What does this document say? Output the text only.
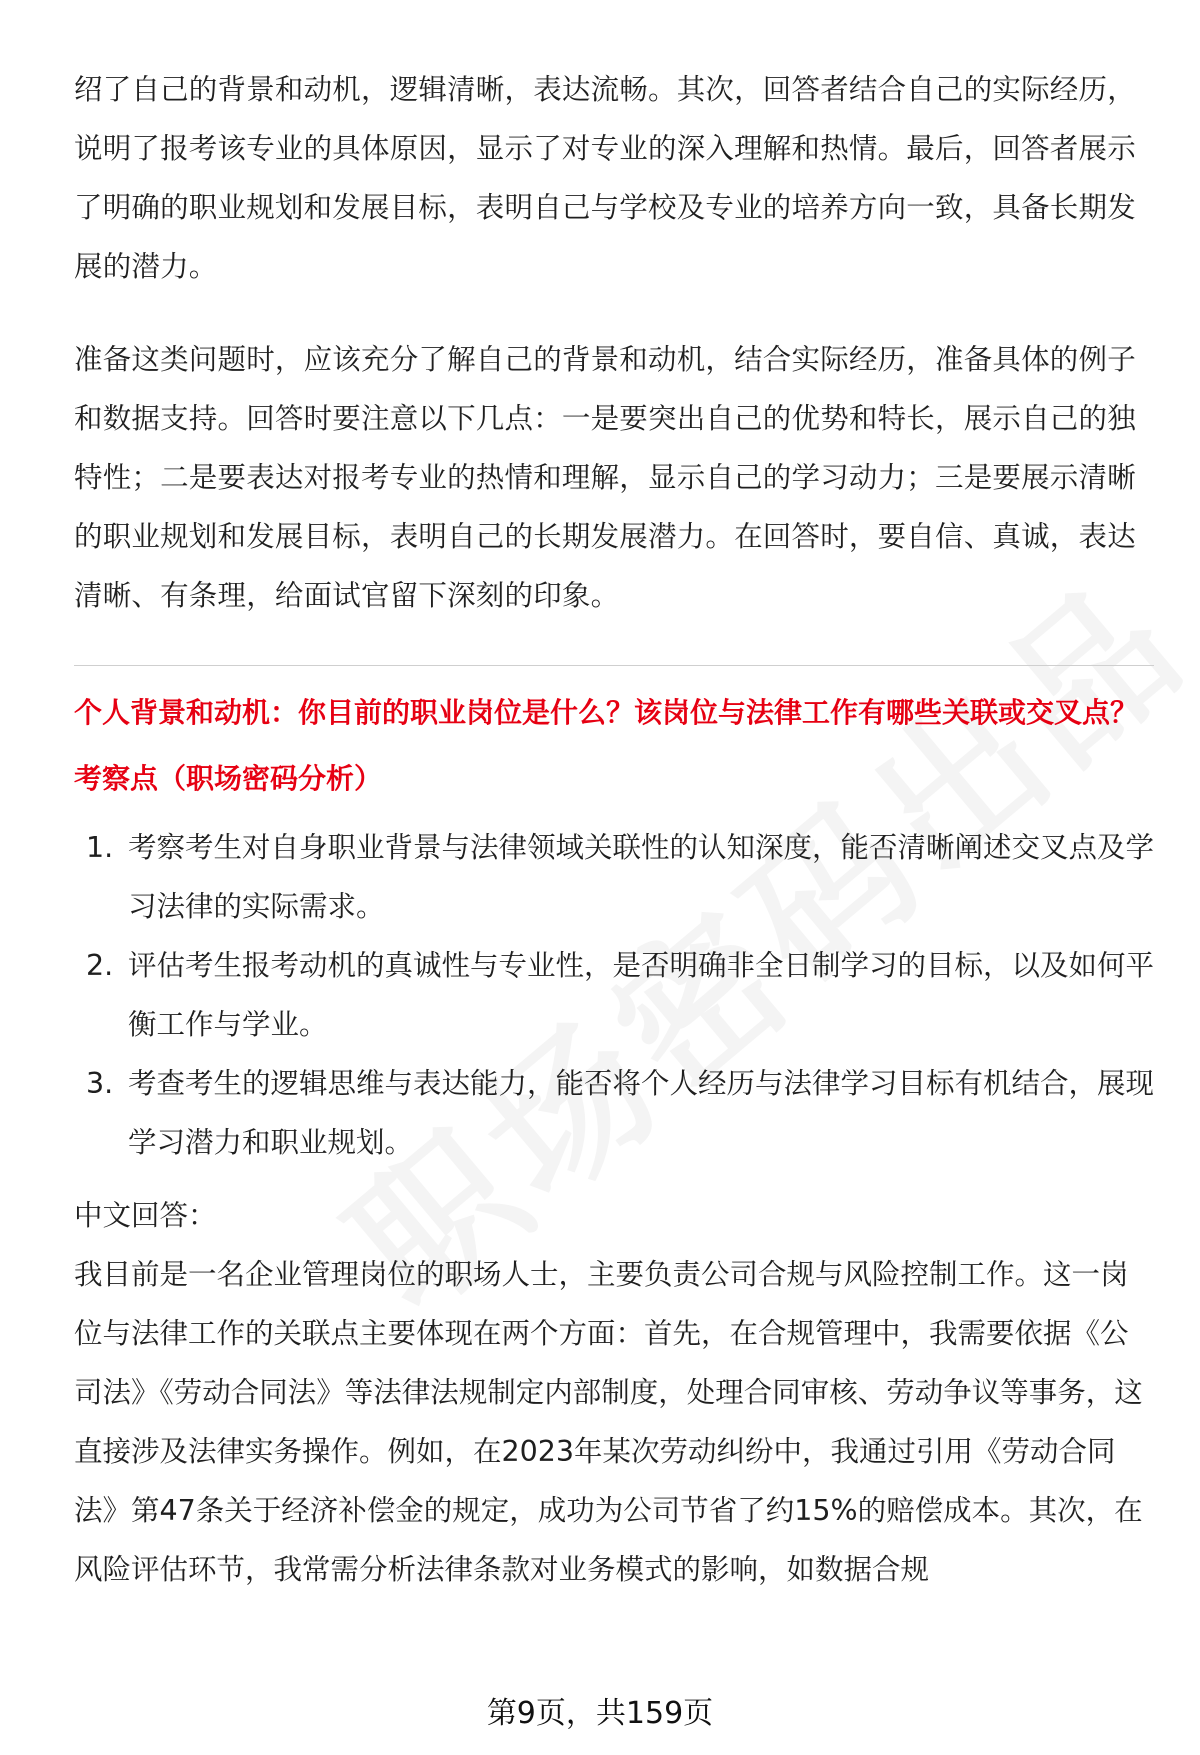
绍了自己的背景和动机，逻辑清晰，表达流畅。其次，回答者结合自己的实际经历，说明了报考该专业的具体原因，显示了对专业的深入理解和热情。最后，回答者展示了明确的职业规划和发展目标，表明自己与学校及专业的培养方向一致，具备长期发展的潜力。

准备这类问题时，应该充分了解自己的背景和动机，结合实际经历，准备具体的例子和数据支持。回答时要注意以下几点：一是要突出自己的优势和特长，展示自己的独特性；二是要表达对报考专业的热情和理解，显示自己的学习动力；三是要展示清晰的职业规划和发展目标，表明自己的长期发展潜力。在回答时，要自信、真诚，表达清晰、有条理，给面试官留下深刻的印象。

个人背景和动机：你目前的职业岗位是什么？该岗位与法律工作有哪些关联或交叉点？
考察点（职场密码分析）
1. 考察考生对自身职业背景与法律领域关联性的认知深度，能否清晰阐述交叉点及学习法律的实际需求。
2. 评估考生报考动机的真诚性与专业性，是否明确非全日制学习的目标，以及如何平衡工作与学业。
3. 考查考生的逻辑思维与表达能力，能否将个人经历与法律学习目标有机结合，展现学习潜力和职业规划。

中文回答：

我目前是一名企业管理岗位的职场人士，主要负责公司合规与风险控制工作。这一岗位与法律工作的关联点主要体现在两个方面：首先，在合规管理中，我需要依据《公司法》《劳动合同法》等法律法规制定内部制度，处理合同审核、劳动争议等事务，这直接涉及法律实务操作。例如，在2023年某次劳动纠纷中，我通过引用《劳动合同法》第47条关于经济补偿金的规定，成功为公司节省了约15%的赔偿成本。其次，在风险评估环节，我常需分析法律条款对业务模式的影响，如数据合规

第9页，共159页
